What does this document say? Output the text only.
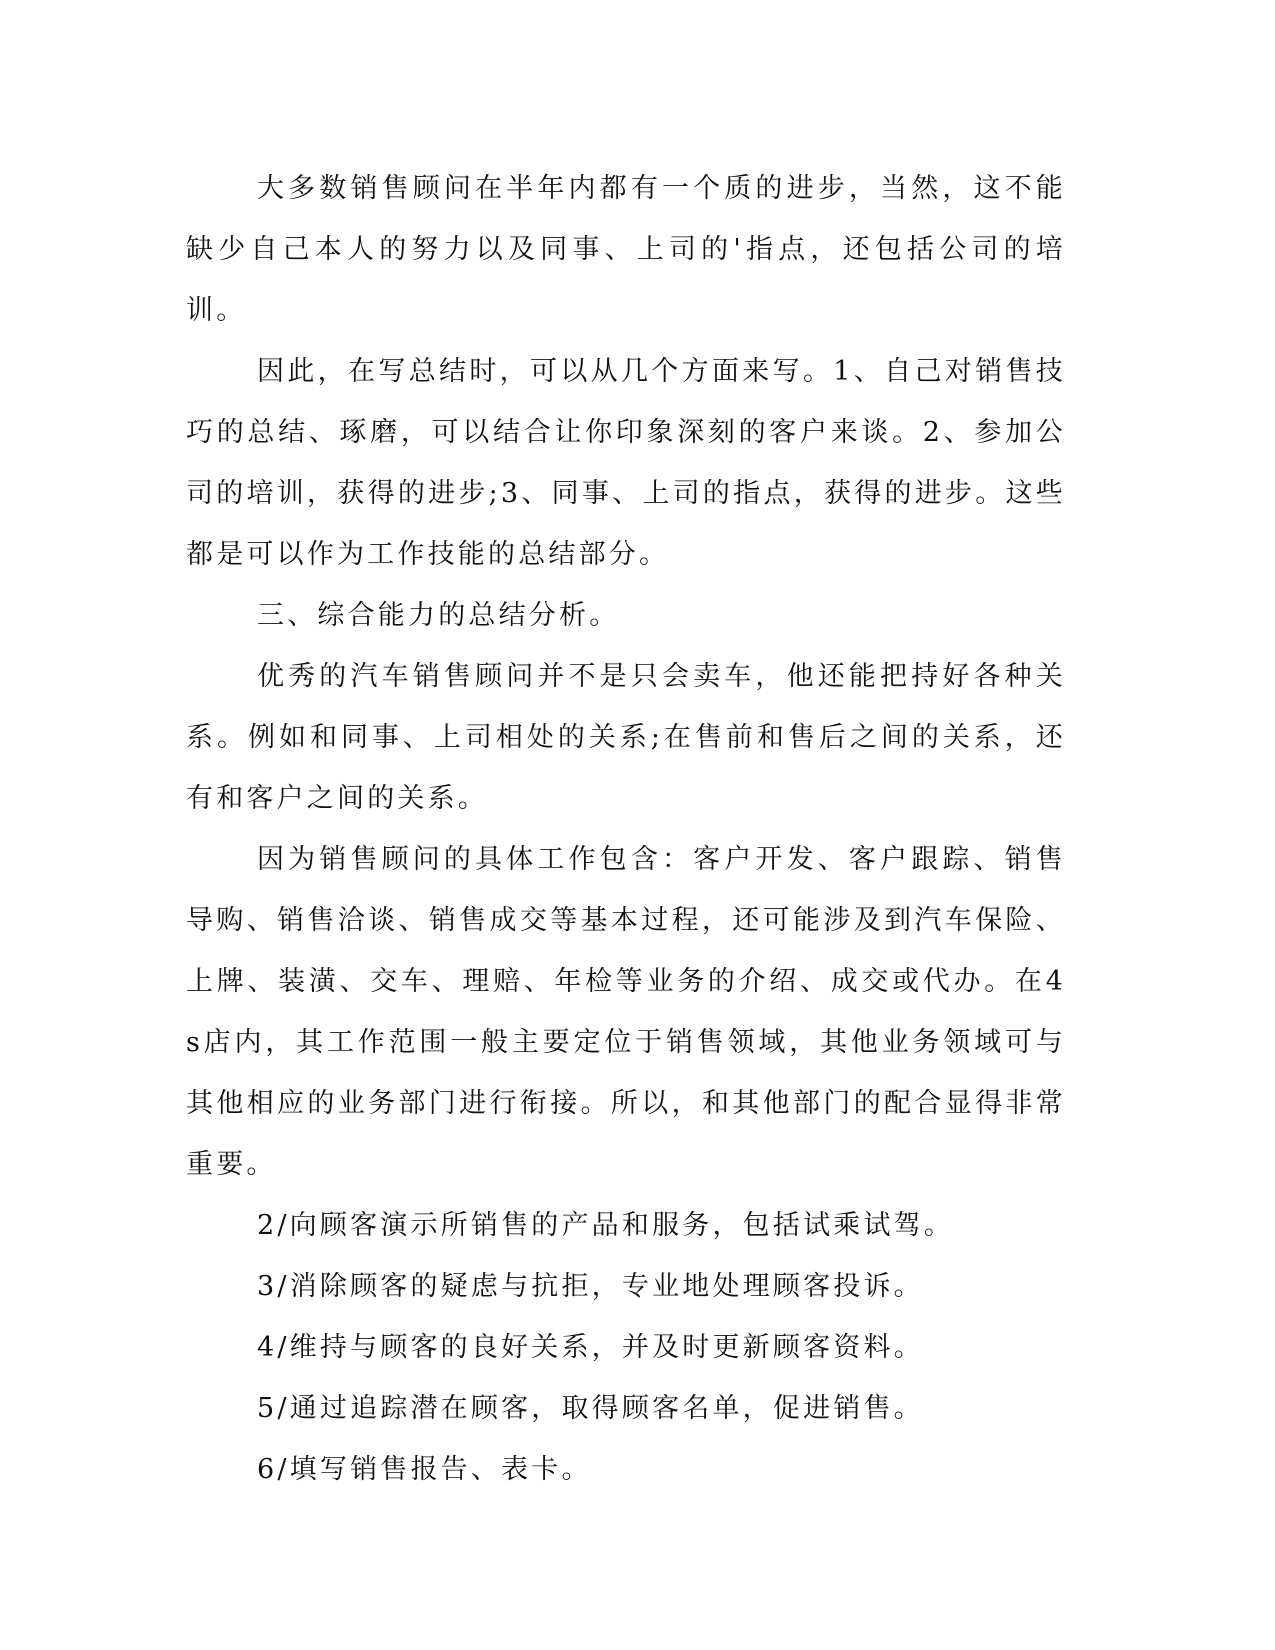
大多数销售顾问在半年内都有一个质的进步，当然，这不能缺少自己本人的努力以及同事、上司的'指点，还包括公司的培训。

因此，在写总结时，可以从几个方面来写。1、自己对销售技巧的总结、琢磨，可以结合让你印象深刻的客户来谈。2、参加公司的培训，获得的进步;3、同事、上司的指点，获得的进步。这些都是可以作为工作技能的总结部分。

三、综合能力的总结分析。

优秀的汽车销售顾问并不是只会卖车，他还能把持好各种关系。例如和同事、上司相处的关系;在售前和售后之间的关系，还有和客户之间的关系。

因为销售顾问的具体工作包含：客户开发、客户跟踪、销售导购、销售洽谈、销售成交等基本过程，还可能涉及到汽车保险、上牌、装潢、交车、理赔、年检等业务的介绍、成交或代办。在4s店内，其工作范围一般主要定位于销售领域，其他业务领域可与其他相应的业务部门进行衔接。所以，和其他部门的配合显得非常重要。

2/向顾客演示所销售的产品和服务，包括试乘试驾。

3/消除顾客的疑虑与抗拒，专业地处理顾客投诉。

4/维持与顾客的良好关系，并及时更新顾客资料。

5/通过追踪潜在顾客，取得顾客名单，促进销售。

6/填写销售报告、表卡。
